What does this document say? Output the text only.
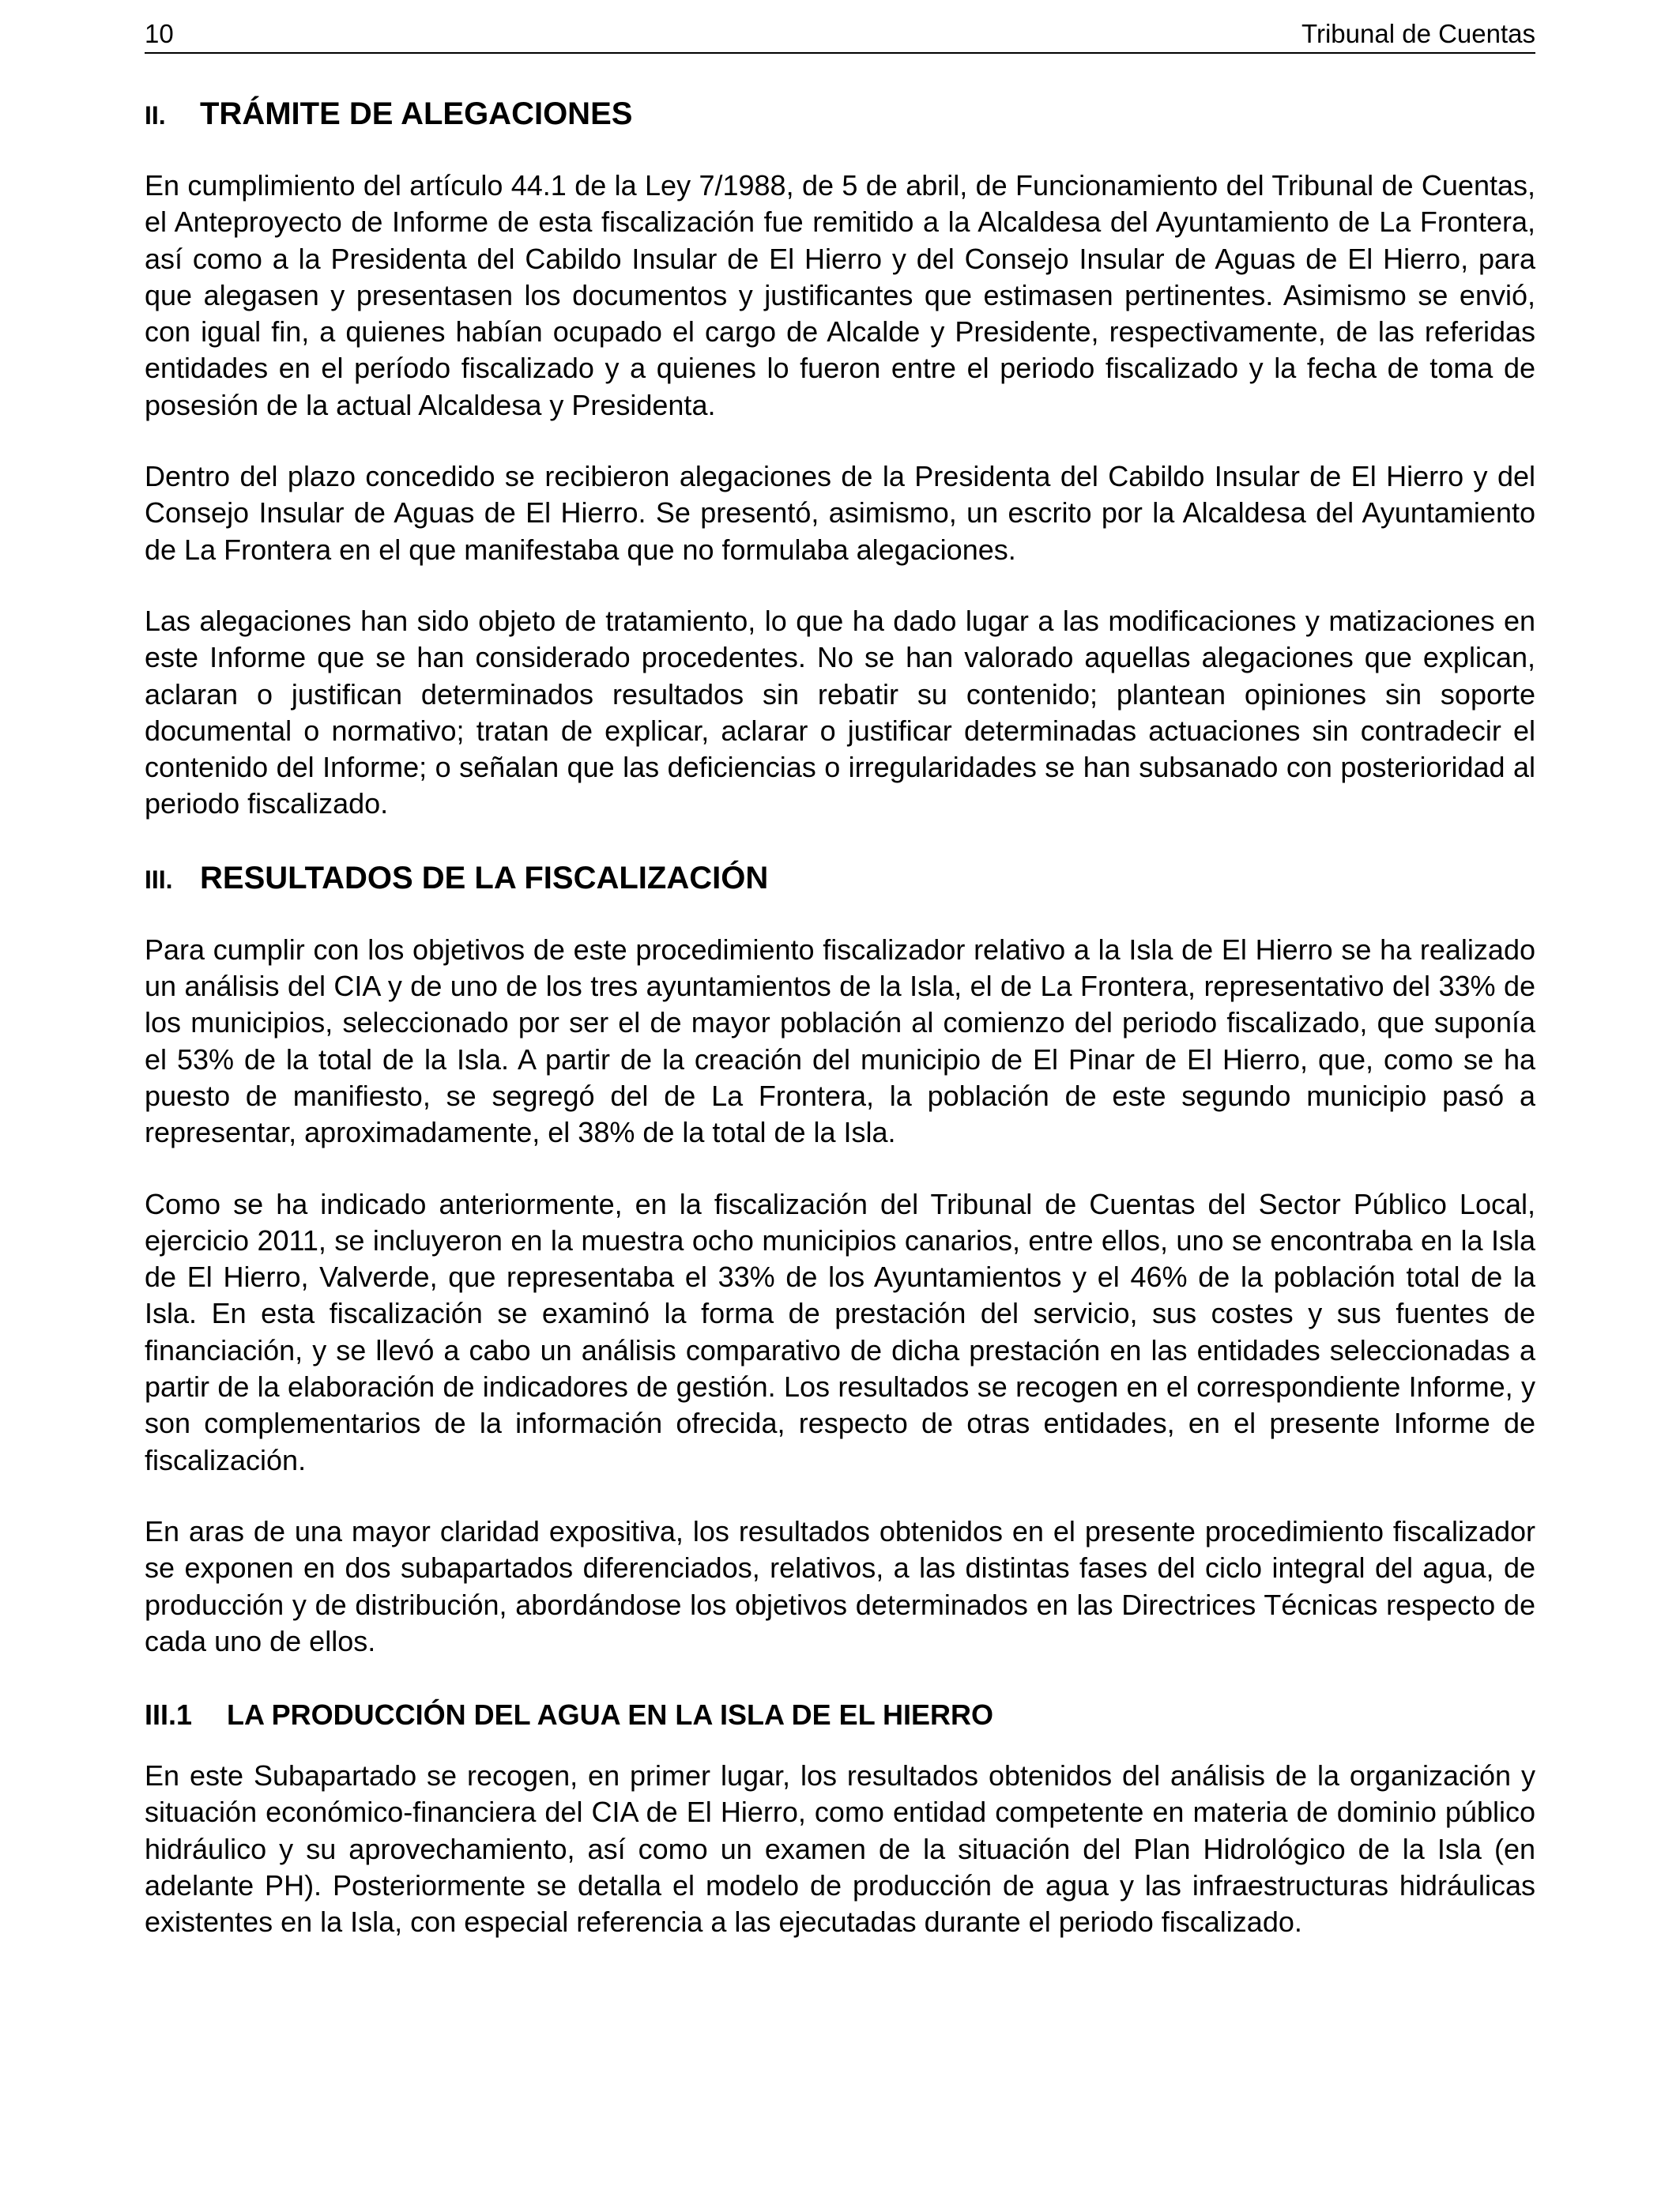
10	Tribunal de Cuentas
II. TRÁMITE DE ALEGACIONES

En cumplimiento del artículo 44.1 de la Ley 7/1988, de 5 de abril, de Funcionamiento del Tribunal de Cuentas, el Anteproyecto de Informe de esta fiscalización fue remitido a la Alcaldesa del Ayuntamiento de La Frontera, así como a la Presidenta del Cabildo Insular de El Hierro y del Consejo Insular de Aguas de El Hierro, para que alegasen y presentasen los documentos y justificantes que estimasen pertinentes. Asimismo se envió, con igual fin, a quienes habían ocupado el cargo de Alcalde y Presidente, respectivamente, de las referidas entidades en el período fiscalizado y a quienes lo fueron entre el periodo fiscalizado y la fecha de toma de posesión de la actual Alcaldesa y Presidenta.

Dentro del plazo concedido se recibieron alegaciones de la Presidenta del Cabildo Insular de El Hierro y del Consejo Insular de Aguas de El Hierro. Se presentó, asimismo, un escrito por la Alcaldesa del Ayuntamiento de La Frontera en el que manifestaba que no formulaba alegaciones.

Las alegaciones han sido objeto de tratamiento, lo que ha dado lugar a las modificaciones y matizaciones en este Informe que se han considerado procedentes. No se han valorado aquellas alegaciones que explican, aclaran o justifican determinados resultados sin rebatir su contenido; plantean opiniones sin soporte documental o normativo; tratan de explicar, aclarar o justificar determinadas actuaciones sin contradecir el contenido del Informe; o señalan que las deficiencias o irregularidades se han subsanado con posterioridad al periodo fiscalizado.

III. RESULTADOS DE LA FISCALIZACIÓN

Para cumplir con los objetivos de este procedimiento fiscalizador relativo a la Isla de El Hierro se ha realizado un análisis del CIA y de uno de los tres ayuntamientos de la Isla, el de La Frontera, representativo del 33% de los municipios, seleccionado por ser el de mayor población al comienzo del periodo fiscalizado, que suponía el 53% de la total de la Isla. A partir de la creación del municipio de El Pinar de El Hierro, que, como se ha puesto de manifiesto, se segregó del de La Frontera, la población de este segundo municipio pasó a representar, aproximadamente, el 38% de la total de la Isla.

Como se ha indicado anteriormente, en la fiscalización del Tribunal de Cuentas del Sector Público Local, ejercicio 2011, se incluyeron en la muestra ocho municipios canarios, entre ellos, uno se encontraba en la Isla de El Hierro, Valverde, que representaba el 33% de los Ayuntamientos y el 46% de la población total de la Isla. En esta fiscalización se examinó la forma de prestación del servicio, sus costes y sus fuentes de financiación, y se llevó a cabo un análisis comparativo de dicha prestación en las entidades seleccionadas a partir de la elaboración de indicadores de gestión. Los resultados se recogen en el correspondiente Informe, y son complementarios de la información ofrecida, respecto de otras entidades, en el presente Informe de fiscalización.

En aras de una mayor claridad expositiva, los resultados obtenidos en el presente procedimiento fiscalizador se exponen en dos subapartados diferenciados, relativos, a las distintas fases del ciclo integral del agua, de producción y de distribución, abordándose los objetivos determinados en las Directrices Técnicas respecto de cada uno de ellos.

III.1 LA PRODUCCIÓN DEL AGUA EN LA ISLA DE EL HIERRO

En este Subapartado se recogen, en primer lugar, los resultados obtenidos del análisis de la organización y situación económico-financiera del CIA de El Hierro, como entidad competente en materia de dominio público hidráulico y su aprovechamiento, así como un examen de la situación del Plan Hidrológico de la Isla (en adelante PH). Posteriormente se detalla el modelo de producción de agua y las infraestructuras hidráulicas existentes en la Isla, con especial referencia a las ejecutadas durante el periodo fiscalizado.
